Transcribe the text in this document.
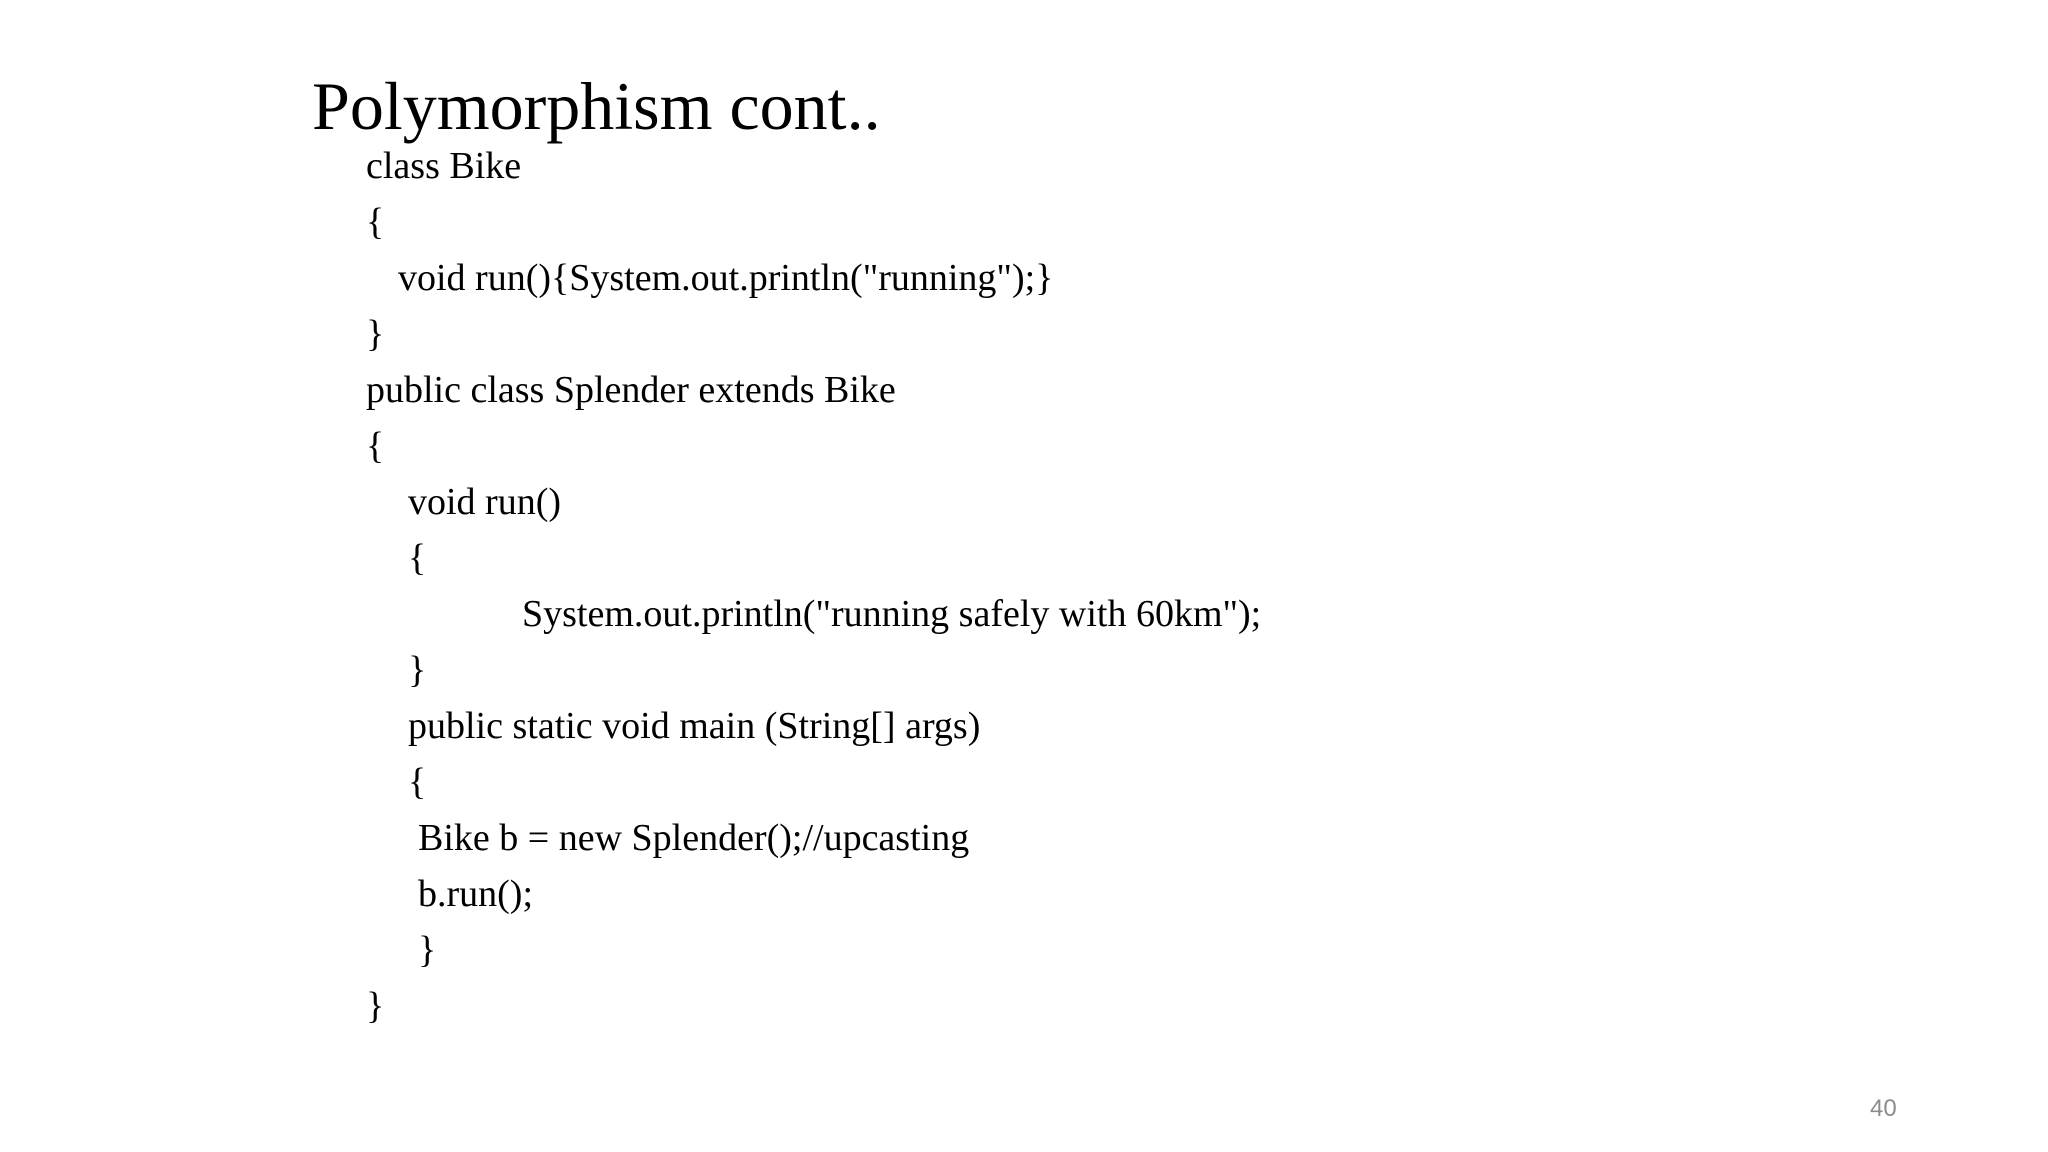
Polymorphism cont..

class Bike

{

void run(){System.out.println("running");}

}

public class Splender extends Bike

{

void run()

{

System.out.println("running safely with 60km");

}

public static void main (String[] args)

{

Bike b = new Splender();//upcasting

b.run();

}

}

40
